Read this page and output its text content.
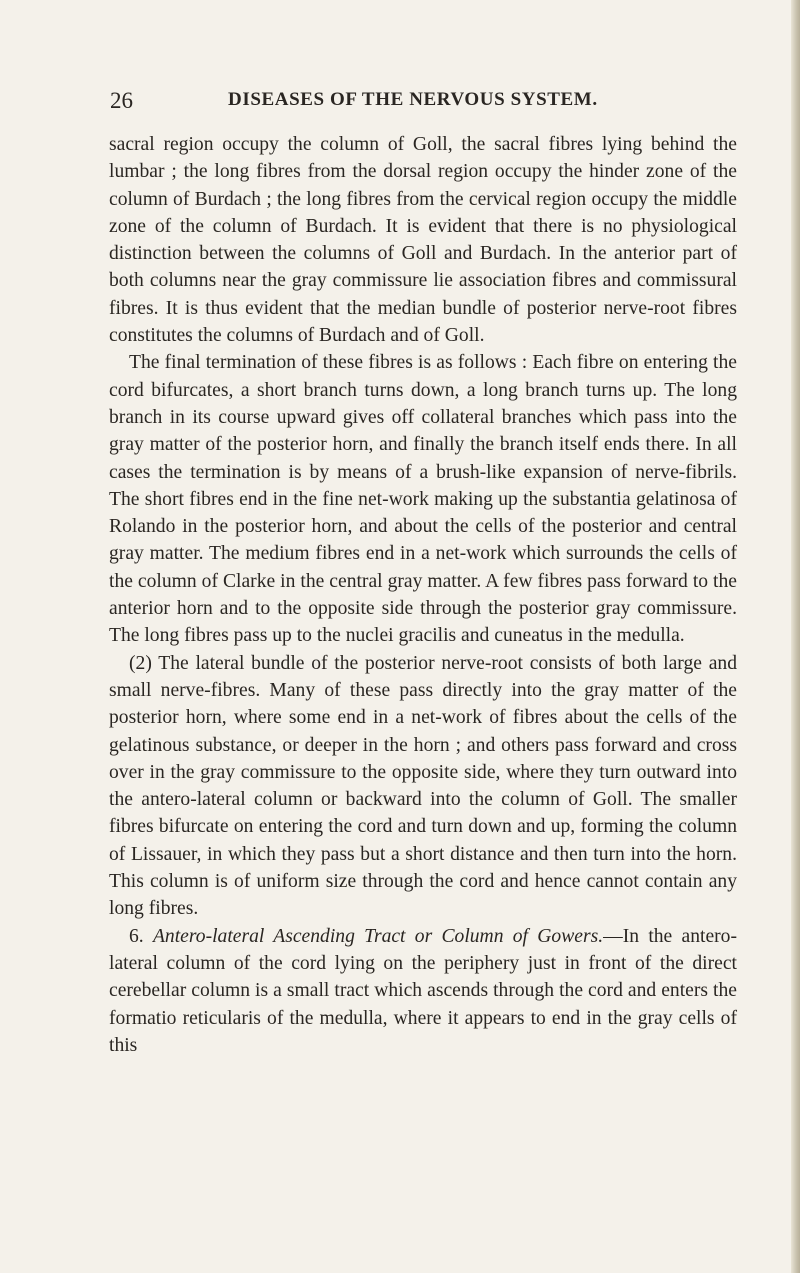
26	DISEASES OF THE NERVOUS SYSTEM.

sacral region occupy the column of Goll, the sacral fibres lying behind the lumbar ; the long fibres from the dorsal region occupy the hinder zone of the column of Burdach ; the long fibres from the cervical region occupy the middle zone of the column of Burdach. It is evident that there is no physiological distinction between the columns of Goll and Burdach. In the anterior part of both columns near the gray commissure lie association fibres and commissural fibres. It is thus evident that the median bundle of posterior nerve-root fibres constitutes the columns of Burdach and of Goll.

The final termination of these fibres is as follows : Each fibre on entering the cord bifurcates, a short branch turns down, a long branch turns up. The long branch in its course upward gives off collateral branches which pass into the gray matter of the posterior horn, and finally the branch itself ends there. In all cases the termination is by means of a brush-like expansion of nerve-fibrils. The short fibres end in the fine net-work making up the substantia gelatinosa of Rolando in the posterior horn, and about the cells of the posterior and central gray matter. The medium fibres end in a net-work which surrounds the cells of the column of Clarke in the central gray matter. A few fibres pass forward to the anterior horn and to the opposite side through the posterior gray commissure. The long fibres pass up to the nuclei gracilis and cuneatus in the medulla.

(2) The lateral bundle of the posterior nerve-root consists of both large and small nerve-fibres. Many of these pass directly into the gray matter of the posterior horn, where some end in a net-work of fibres about the cells of the gelatinous substance, or deeper in the horn ; and others pass forward and cross over in the gray commissure to the opposite side, where they turn outward into the antero-lateral column or backward into the column of Goll. The smaller fibres bifurcate on entering the cord and turn down and up, forming the column of Lissauer, in which they pass but a short distance and then turn into the horn. This column is of uniform size through the cord and hence cannot contain any long fibres.

6. Antero-lateral Ascending Tract or Column of Gowers.—In the antero-lateral column of the cord lying on the periphery just in front of the direct cerebellar column is a small tract which ascends through the cord and enters the formatio reticularis of the medulla, where it appears to end in the gray cells of this
